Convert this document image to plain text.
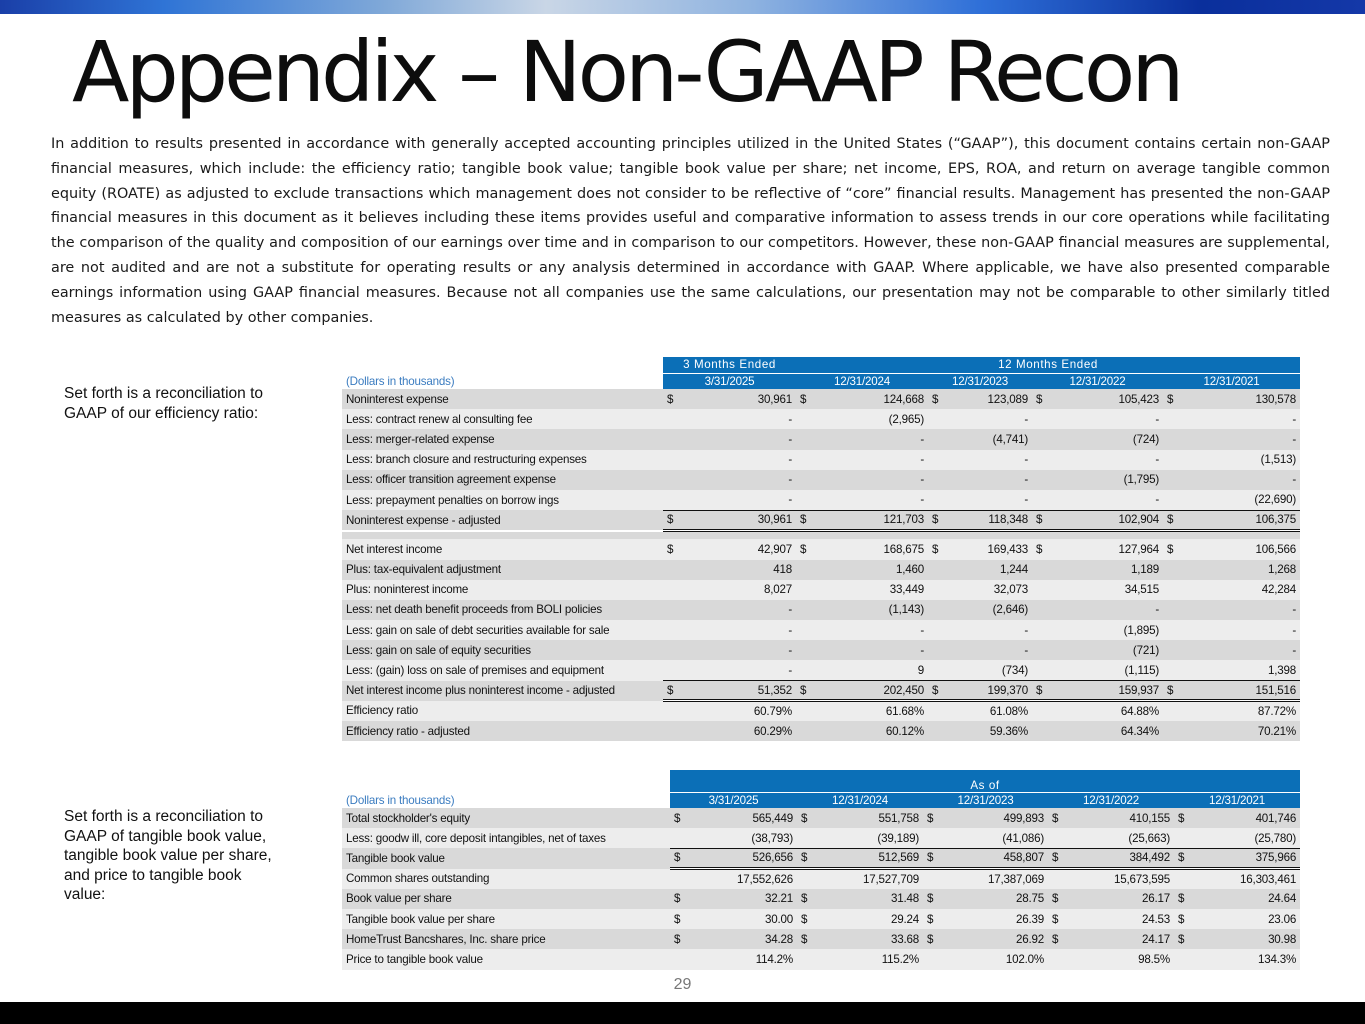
Appendix – Non-GAAP Recon

In addition to results presented in accordance with generally accepted accounting principles utilized in the United States (“GAAP”), this document contains certain non-GAAP financial measures, which include: the efficiency ratio; tangible book value; tangible book value per share; net income, EPS, ROA, and return on average tangible common equity (ROATE) as adjusted to exclude transactions which management does not consider to be reflective of “core” financial results. Management has presented the non-GAAP financial measures in this document as it believes including these items provides useful and comparative information to assess trends in our core operations while facilitating the comparison of the quality and composition of our earnings over time and in comparison to our competitors. However, these non-GAAP financial measures are supplemental, are not audited and are not a substitute for operating results or any analysis determined in accordance with GAAP. Where applicable, we have also presented comparable earnings information using GAAP financial measures. Because not all companies use the same calculations, our presentation may not be comparable to other similarly titled measures as calculated by other companies.

Set forth is a reconciliation to GAAP of our efficiency ratio:
Set forth is a reconciliation to GAAP of tangible book value, tangible book value per share, and price to tangible book value:
	3 Months Ended		12 Months Ended							
(Dollars in thousands)	3/31/2025		12/31/2024		12/31/2023		12/31/2022		12/31/2021	
Noninterest expense	$	30,961	$	124,668	$	123,089	$	105,423	$	130,578
Less: contract renew al consulting fee		-		(2,965)		-		-		-
Less: merger-related expense		-		-		(4,741)		(724)		-
Less: branch closure and restructuring expenses		-		-		-		-		(1,513)
Less: officer transition agreement expense		-		-		-		(1,795)		-
Less: prepayment penalties on borrow ings		-		-		-		-		(22,690)
Noninterest expense - adjusted	$	30,961	$	121,703	$	118,348	$	102,904	$	106,375

Net interest income	$	42,907	$	168,675	$	169,433	$	127,964	$	106,566
Plus: tax-equivalent adjustment		418		1,460		1,244		1,189		1,268
Plus: noninterest income		8,027		33,449		32,073		34,515		42,284
Less: net death benefit proceeds from BOLI policies		-		(1,143)		(2,646)		-		-
Less: gain on sale of debt securities available for sale		-		-		-		(1,895)		-
Less: gain on sale of equity securities		-		-		-		(721)		-
Less: (gain) loss on sale of premises and equipment		-		9		(734)		(1,115)		1,398
Net interest income plus noninterest income - adjusted	$	51,352	$	202,450	$	199,370	$	159,937	$	151,516
Efficiency ratio		60.79%		61.68%		61.08%		64.88%		87.72%
Efficiency ratio - adjusted		60.29%		60.12%		59.36%		64.34%		70.21%
	As of									
(Dollars in thousands)	3/31/2025		12/31/2024		12/31/2023		12/31/2022		12/31/2021	
Total stockholder's equity	$	565,449	$	551,758	$	499,893	$	410,155	$	401,746
Less: goodw ill, core deposit intangibles, net of taxes		(38,793)		(39,189)		(41,086)		(25,663)		(25,780)
Tangible book value	$	526,656	$	512,569	$	458,807	$	384,492	$	375,966
Common shares outstanding		17,552,626		17,527,709		17,387,069		15,673,595		16,303,461
Book value per share	$	32.21	$	31.48	$	28.75	$	26.17	$	24.64
Tangible book value per share	$	30.00	$	29.24	$	26.39	$	24.53	$	23.06
HomeTrust Bancshares, Inc. share price	$	34.28	$	33.68	$	26.92	$	24.17	$	30.98
Price to tangible book value		114.2%		115.2%		102.0%		98.5%		134.3%
29
